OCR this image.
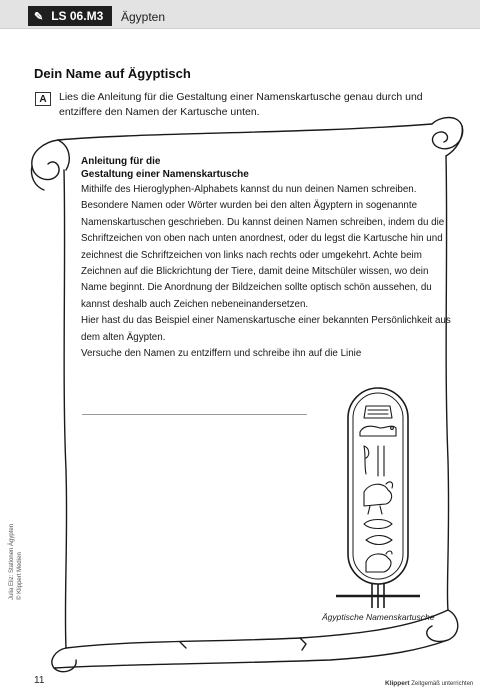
✎ LS 06.M3 Ägypten
Dein Name auf Ägyptisch
A	Lies die Anleitung für die Gestaltung einer Namenskartusche genau durch und entziffere den Namen der Kartusche unten.
Anleitung für die
Gestaltung einer Namenskartusche

Mithilfe des Hieroglyphen-Alphabets kannst du nun deinen Namen schreiben. Besondere Namen oder Wörter wurden bei den alten Ägyptern in sogenannte Namenskartuschen geschrieben. Du kannst deinen Namen schreiben, indem du die Schriftzeichen von oben nach unten anordnest, oder du legst die Kartusche hin und zeichnest die Schriftzeichen von links nach rechts oder umgekehrt. Achte beim Zeichnen auf die Blickrichtung der Tiere, damit deine Mitschüler wissen, wo dein Name beginnt. Die Anordnung der Bildzeichen sollte optisch schön aussehen, du kannst deshalb auch Zeichen nebeneinandersetzen.

Hier hast du das Beispiel einer Namenskartusche einer bekannten Persönlichkeit aus dem alten Ägypten.

Versuche den Namen zu entziffern und schreibe ihn auf die Linie

Ägyptische Namenskartusche
Julia Eliz: Stationen Ägypten © Klippert Medien
11	Klippert Zeitgemäß unterrichten
